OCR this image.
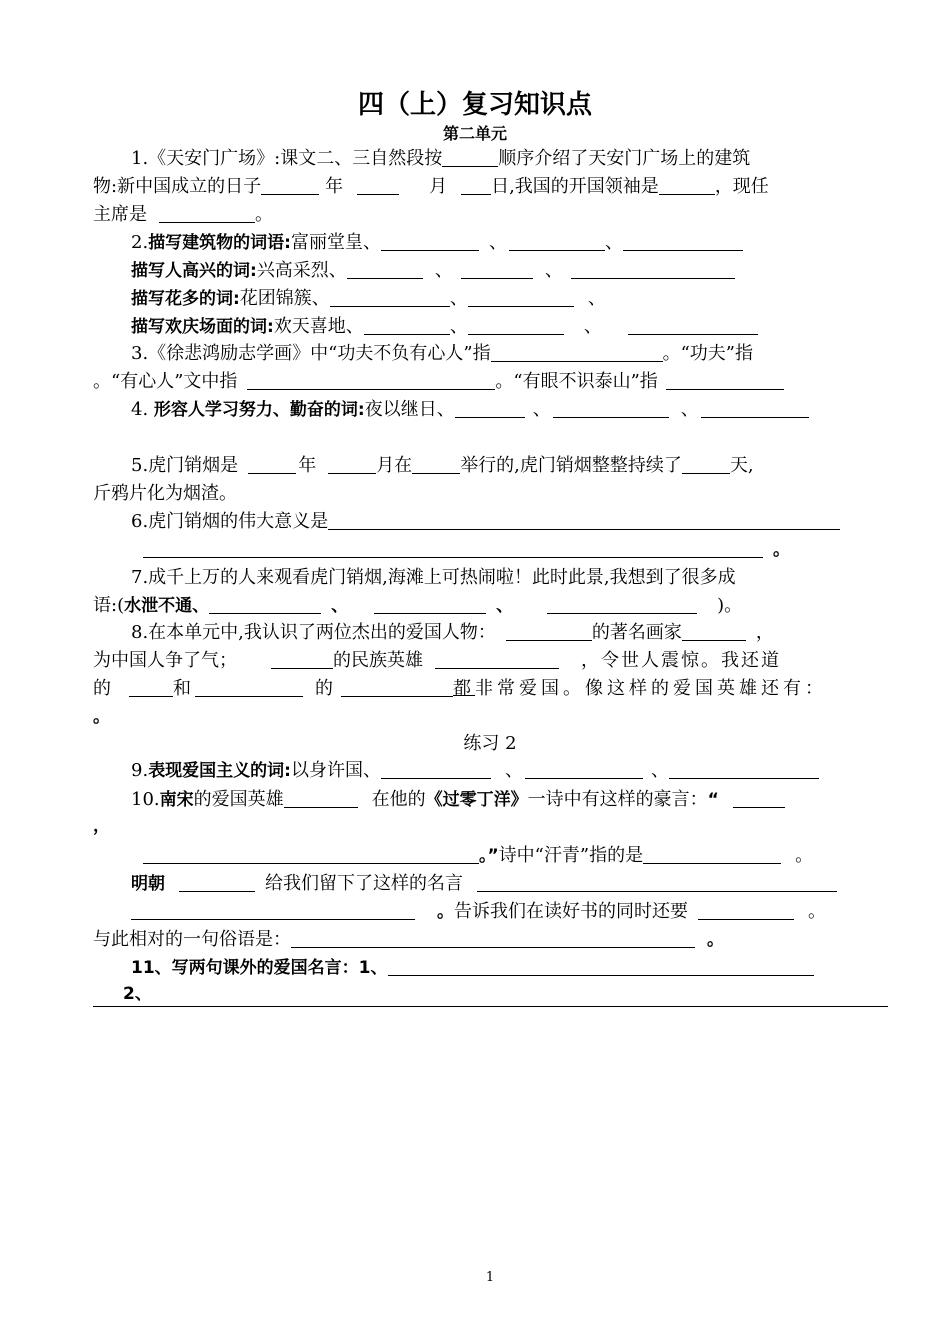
四（上）复习知识点
第二单元
1.《天安门广场》:课文二、三自然段按	顺序介绍了天安门广场上的建筑
物:新中国成立的日子	年	月 日,我国的开国领袖是	，现任
主席是	。
2.描写建筑物的词语:富丽堂皇、	、	、
描写人高兴的词:兴高采烈、	、	、
描写花多的词:花团锦簇、	、	、
描写欢庆场面的词:欢天喜地、	、	、
3.《徐悲鸿励志学画》中“功夫不负有心人”指	。“功夫”指
。“有心人”文中指	。“有眼不识泰山”指
4. 形容人学习努力、勤奋的词:夜以继日、	、	、
5.虎门销烟是	年	月在	举行的,虎门销烟整整持续了	天,
斤鸦片化为烟渣。
6.虎门销烟的伟大意义是
。
7.成千上万的人来观看虎门销烟,海滩上可热闹啦！此时此景,我想到了很多成
语:(水泄不通、	、	、	)。
8.在本单元中,我认识了两位杰出的爱国人物：	的著名画家	，
为中国人争了气；	的民族英雄	，令世人震惊。我还道
的	和	的	都非常爱国。像这样的爱国英雄还有：
。
练习 2
9.表现爱国主义的词:以身许国、	、	、
10.南宋的爱国英雄	在他的《过零丁洋》一诗中有这样的豪言：“
，
。”诗中“汗青”指的是	。
明朝	给我们留下了这样的名言
。告诉我们在读好书的同时还要	。
与此相对的一句俗语是：	。
11、写两句课外的爱国名言：1、
2、
1
